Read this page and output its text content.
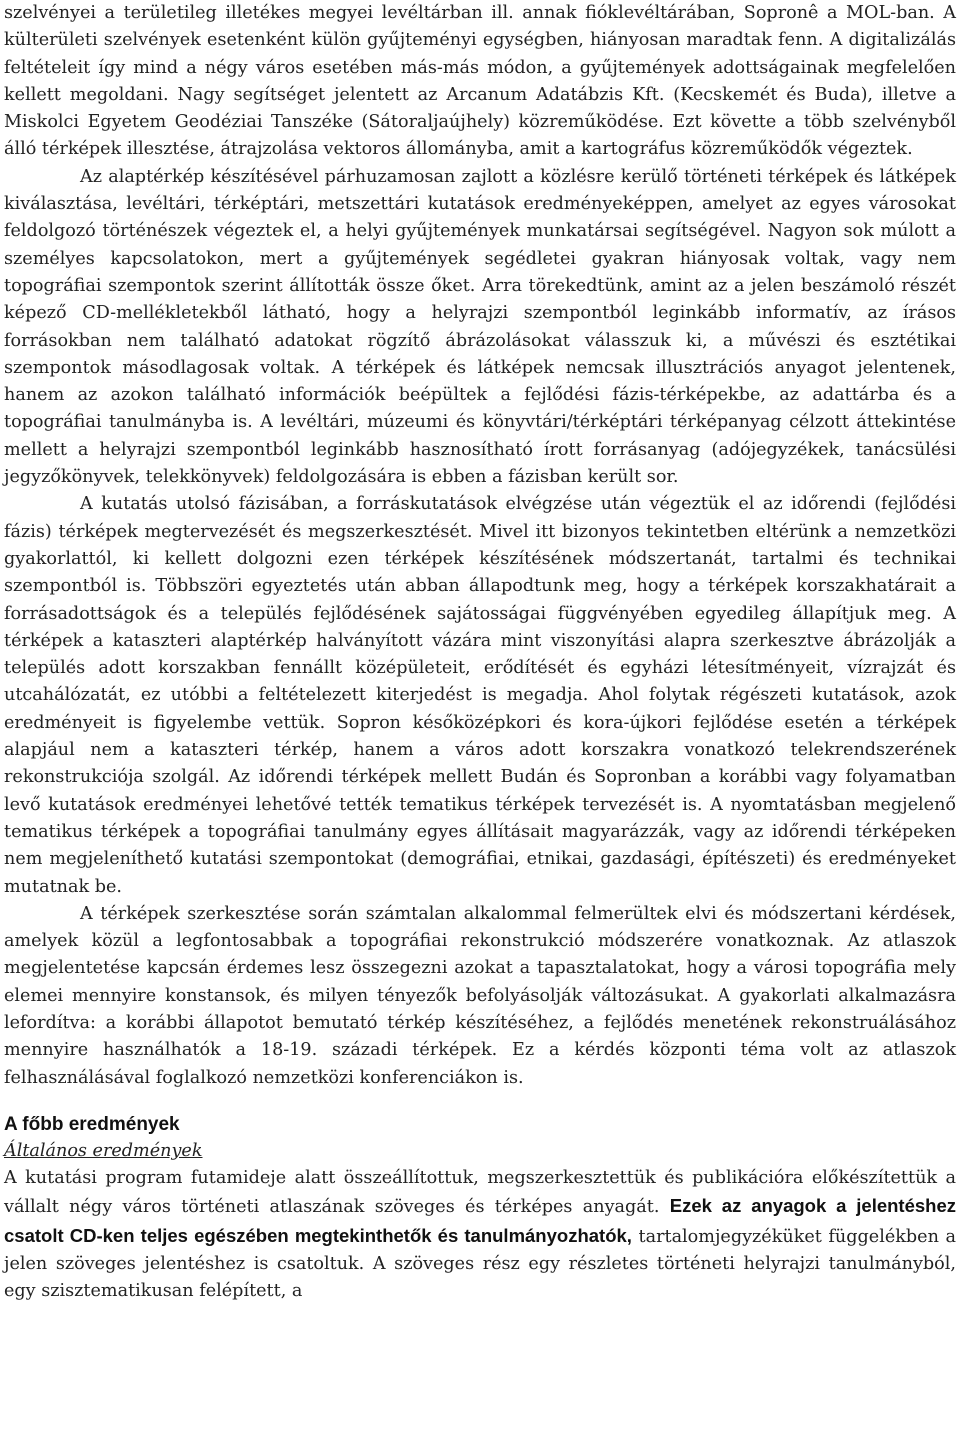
szelvényei a területileg illetékes megyei levéltárban ill. annak fióklevéltárában, Sopronê a MOL-ban. A külterületi szelvények esetenként külön gyűjteményi egységben, hiányosan maradtak fenn. A digitalizálás feltételeit így mind a négy város esetében más-más módon, a gyűjtemények adottságainak megfelelően kellett megoldani. Nagy segítséget jelentett az Arcanum Adatábzis Kft. (Kecskemét és Buda), illetve a Miskolci Egyetem Geodéziai Tanszéke (Sátoraljaújhely) közreműködése. Ezt követte a több szelvényből álló térképek illesztése, átrajzolása vektoros állományba, amit a kartográfus közreműködők végeztek.

Az alaptérkép készítésével párhuzamosan zajlott a közlésre kerülő történeti térképek és látképek kiválasztása, levéltári, térképtári, metszettári kutatások eredményeképpen, amelyet az egyes városokat feldolgozó történészek végeztek el, a helyi gyűjtemények munkatársai segítségével. Nagyon sok múlott a személyes kapcsolatokon, mert a gyűjtemények segédletei gyakran hiányosak voltak, vagy nem topográfiai szempontok szerint állították össze őket. Arra törekedtünk, amint az a jelen beszámoló részét képező CD-mellékletekből látható, hogy a helyrajzi szempontból leginkább informatív, az írásos forrásokban nem található adatokat rögzítő ábrázolásokat válasszuk ki, a művészi és esztétikai szempontok másodlagosak voltak. A térképek és látképek nemcsak illusztrációs anyagot jelentenek, hanem az azokon található információk beépültek a fejlődési fázis-térképekbe, az adattárba és a topográfiai tanulmányba is. A levéltári, múzeumi és könyvtári/térképtári térképanyag célzott áttekintése mellett a helyrajzi szempontból leginkább hasznosítható írott forrásanyag (adójegyzékek, tanácsülési jegyzőkönyvek, telekkönyvek) feldolgozására is ebben a fázisban került sor.

A kutatás utolsó fázisában, a forráskutatások elvégzése után végeztük el az időrendi (fejlődési fázis) térképek megtervezését és megszerkesztését. Mivel itt bizonyos tekintetben eltérünk a nemzetközi gyakorlattól, ki kellett dolgozni ezen térképek készítésének módszertanát, tartalmi és technikai szempontból is. Többszöri egyeztetés után abban állapodtunk meg, hogy a térképek korszakhatárait a forrásadottságok és a település fejlődésének sajátosságai függvényében egyedileg állapítjuk meg. A térképek a kataszteri alaptérkép halványított vázára mint viszonyítási alapra szerkesztve ábrázolják a település adott korszakban fennállt középületeit, erődítését és egyházi létesítményeit, vízrajzát és utcahálózatát, ez utóbbi a feltételezett kiterjedést is megadja. Ahol folytak régészeti kutatások, azok eredményeit is figyelembe vettük. Sopron későközépkori és kora-újkori fejlődése esetén a térképek alapjául nem a kataszteri térkép, hanem a város adott korszakra vonatkozó telekrendszerének rekonstrukciója szolgál. Az időrendi térképek mellett Budán és Sopronban a korábbi vagy folyamatban levő kutatások eredményei lehetővé tették tematikus térképek tervezését is. A nyomtatásban megjelenő tematikus térképek a topográfiai tanulmány egyes állításait magyarázzák, vagy az időrendi térképeken nem megjeleníthető kutatási szempontokat (demográfiai, etnikai, gazdasági, építészeti) és eredményeket mutatnak be.

A térképek szerkesztése során számtalan alkalommal felmerültek elvi és módszertani kérdések, amelyek közül a legfontosabbak a topográfiai rekonstrukció módszerére vonatkoznak. Az atlaszok megjelentetése kapcsán érdemes lesz összegezni azokat a tapasztalatokat, hogy a városi topográfia mely elemei mennyire konstansok, és milyen tényezők befolyásolják változásukat. A gyakorlati alkalmazásra lefordítva: a korábbi állapotot bemutató térkép készítéséhez, a fejlődés menetének rekonstruálásához mennyire használhatók a 18-19. századi térképek. Ez a kérdés központi téma volt az atlaszok felhasználásával foglalkozó nemzetközi konferenciákon is.

A főbb eredmények
Általános eredmények

A kutatási program futamideje alatt összeállítottuk, megszerkesztettük és publikációra előkészítettük a vállalt négy város történeti atlaszának szöveges és térképes anyagát. Ezek az anyagok a jelentéshez csatolt CD-ken teljes egészében megtekinthetők és tanulmányozhatók, tartalomjegyzéküket függelékben a jelen szöveges jelentéshez is csatoltuk. A szöveges rész egy részletes történeti helyrajzi tanulmányból, egy szisztematikusan felépített, a
